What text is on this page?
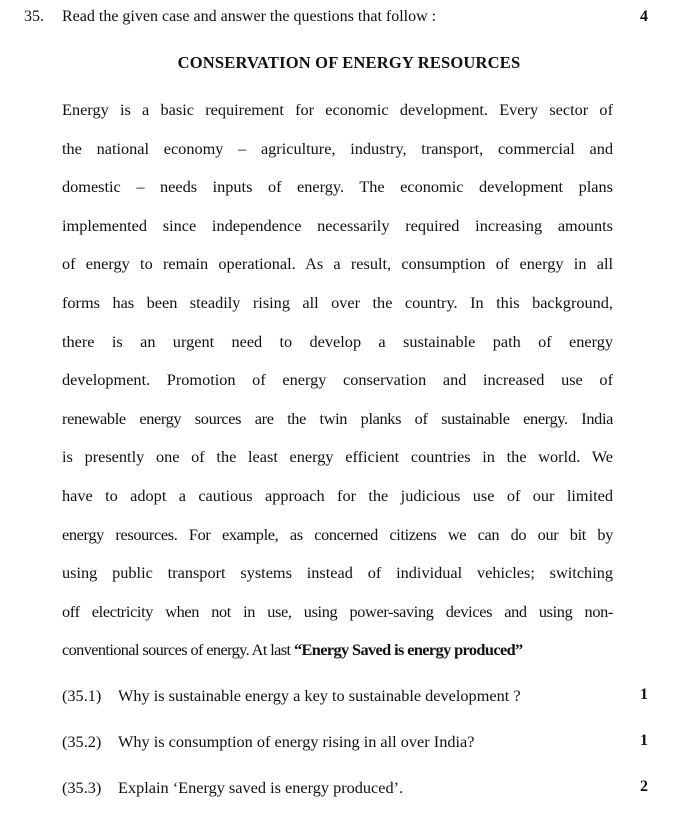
35. Read the given case and answer the questions that follow :	4
CONSERVATION OF ENERGY RESOURCES
Energy is a basic requirement for economic development. Every sector of
the national economy – agriculture, industry, transport, commercial and
domestic – needs inputs of energy. The economic development plans
implemented since independence necessarily required increasing amounts
of energy to remain operational. As a result, consumption of energy in all
forms has been steadily rising all over the country. In this background,
there is an urgent need to develop a sustainable path of energy
development. Promotion of energy conservation and increased use of
renewable energy sources are the twin planks of sustainable energy. India
is presently one of the least energy efficient countries in the world. We
have to adopt a cautious approach for the judicious use of our limited
energy resources. For example, as concerned citizens we can do our bit by
using public transport systems instead of individual vehicles; switching
off electricity when not in use, using power-saving devices and using non-
conventional sources of energy. At last “Energy Saved is energy produced”
(35.1) Why is sustainable energy a key to sustainable development ?	1
(35.2) Why is consumption of energy rising in all over India?	1
(35.3) Explain ‘Energy saved is energy produced’.	2
